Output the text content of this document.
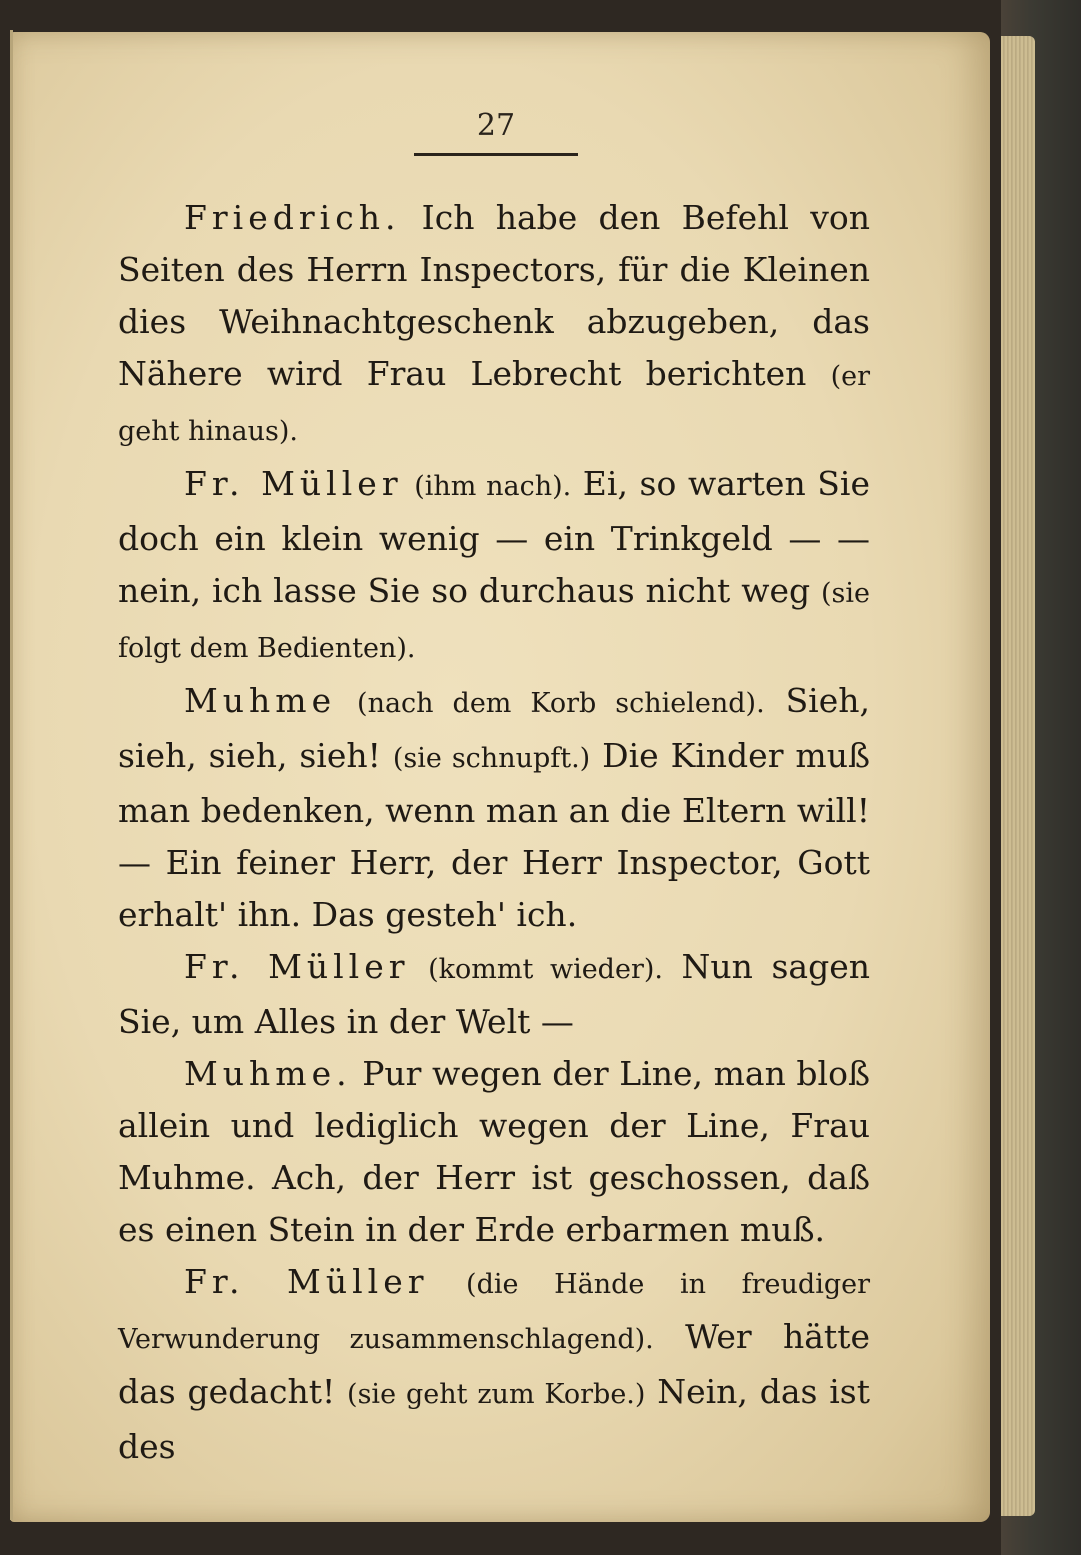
27

Friedrich. Ich habe den Befehl von Seiten des Herrn Inspectors, für die Kleinen dies Weihnachtgeschenk abzugeben, das Nähere wird Frau Lebrecht berichten (er geht hinaus).

Fr. Müller (ihm nach). Ei, so warten Sie doch ein klein wenig — ein Trinkgeld — — nein, ich lasse Sie so durchaus nicht weg (sie folgt dem Bedienten).

Muhme (nach dem Korb schielend). Sieh, sieh, sieh, sieh! (sie schnupft.) Die Kinder muß man bedenken, wenn man an die Eltern will! — Ein feiner Herr, der Herr Inspector, Gott erhalt' ihn. Das gesteh' ich.

Fr. Müller (kommt wieder). Nun sagen Sie, um Alles in der Welt —

Muhme. Pur wegen der Line, man bloß allein und lediglich wegen der Line, Frau Muhme. Ach, der Herr ist geschossen, daß es einen Stein in der Erde erbarmen muß.

Fr. Müller (die Hände in freudiger Verwunderung zusammenschlagend). Wer hätte das gedacht! (sie geht zum Korbe.) Nein, das ist des
